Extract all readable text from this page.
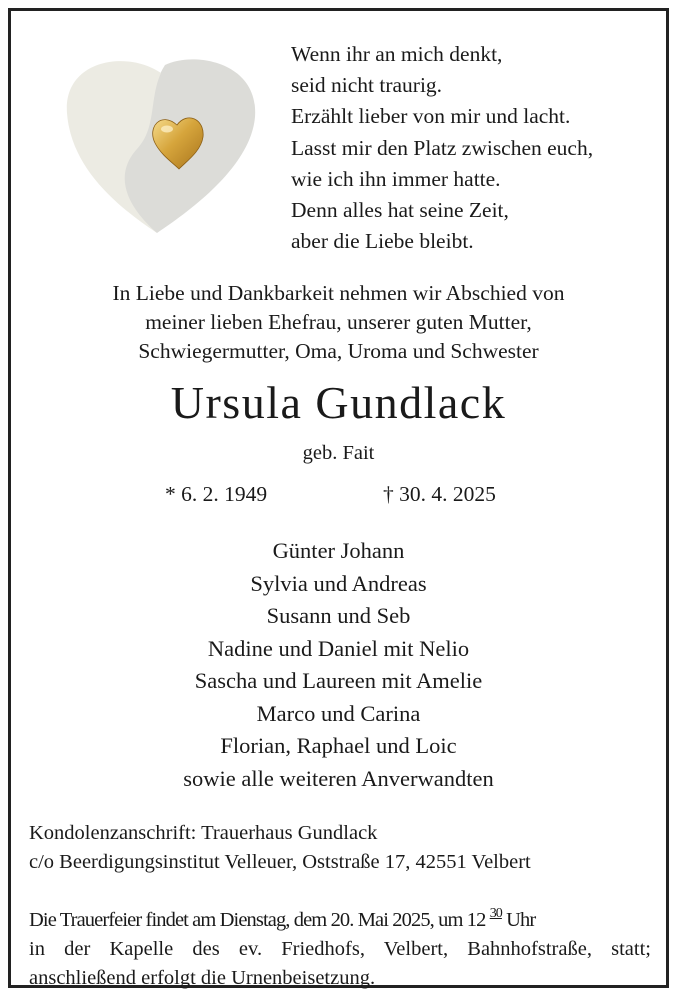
Wenn ihr an mich denkt,
seid nicht traurig.
Erzählt lieber von mir und lacht.
Lasst mir den Platz zwischen euch,
wie ich ihn immer hatte.
Denn alles hat seine Zeit,
aber die Liebe bleibt.
In Liebe und Dankbarkeit nehmen wir Abschied von
meiner lieben Ehefrau, unserer guten Mutter,
Schwiegermutter, Oma, Uroma und Schwester
Ursula Gundlack
geb. Fait
* 6. 2. 1949	† 30. 4. 2025
Günter Johann
Sylvia und Andreas
Susann und Seb
Nadine und Daniel mit Nelio
Sascha und Laureen mit Amelie
Marco und Carina
Florian, Raphael und Loic
sowie alle weiteren Anverwandten
Kondolenzanschrift: Trauerhaus Gundlack
c/o Beerdigungsinstitut Velleuer, Oststraße 17, 42551 Velbert
Die Trauerfeier findet am Dienstag, dem 20. Mai 2025, um 12 $^{30}$ Uhr
in der Kapelle des ev. Friedhofs, Velbert, Bahnhofstraße, statt;
anschließend erfolgt die Urnenbeisetzung.
